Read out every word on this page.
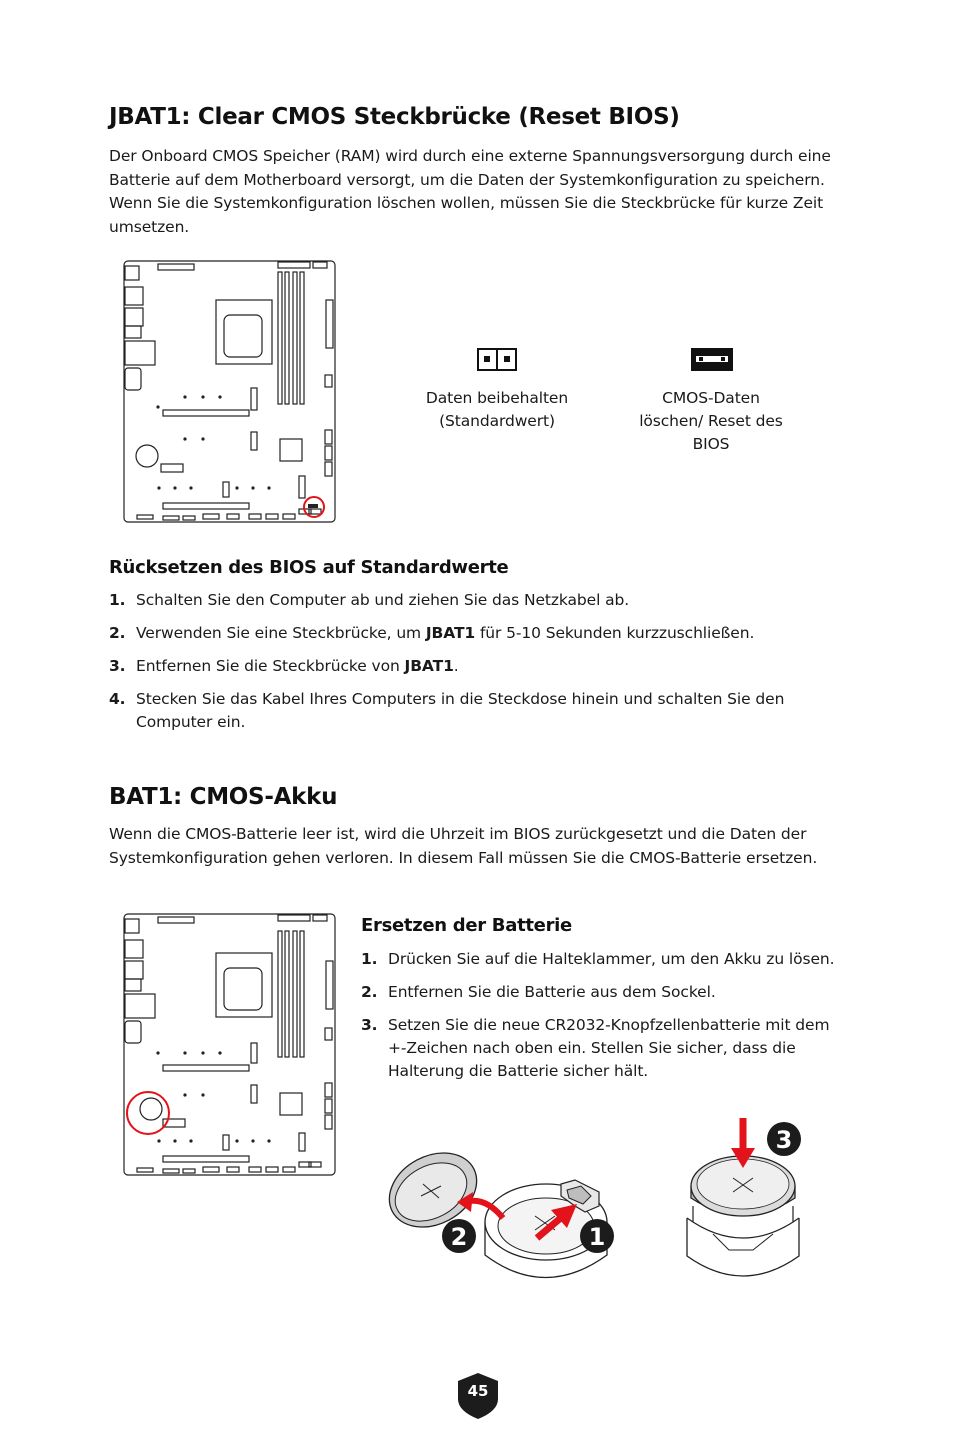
JBAT1: Clear CMOS Steckbrücke (Reset BIOS)

Der Onboard CMOS Speicher (RAM) wird durch eine externe Spannungsversorgung durch eine Batterie auf dem Motherboard versorgt, um die Daten der Systemkonfiguration zu speichern. Wenn Sie die Systemkonfiguration löschen wollen, müssen Sie die Steckbrücke für kurze Zeit umsetzen.

Daten beibehalten (Standardwert)
CMOS-Daten löschen/ Reset des BIOS
Rücksetzen des BIOS auf Standardwerte
1. Schalten Sie den Computer ab und ziehen Sie das Netzkabel ab.
2. Verwenden Sie eine Steckbrücke, um JBAT1 für 5-10 Sekunden kurzzuschließen.
3. Entfernen Sie die Steckbrücke von JBAT1.
4. Stecken Sie das Kabel Ihres Computers in die Steckdose hinein und schalten Sie den Computer ein.
BAT1: CMOS-Akku

Wenn die CMOS-Batterie leer ist, wird die Uhrzeit im BIOS zurückgesetzt und die Daten der Systemkonfiguration gehen verloren. In diesem Fall müssen Sie die CMOS-Batterie ersetzen.

Ersetzen der Batterie
1. Drücken Sie auf die Halteklammer, um den Akku zu lösen.
2. Entfernen Sie die Batterie aus dem Sockel.
3. Setzen Sie die neue CR2032-Knopfzellenbatterie mit dem +-Zeichen nach oben ein. Stellen Sie sicher, dass die Halterung die Batterie sicher hält.
2	1
3
45
